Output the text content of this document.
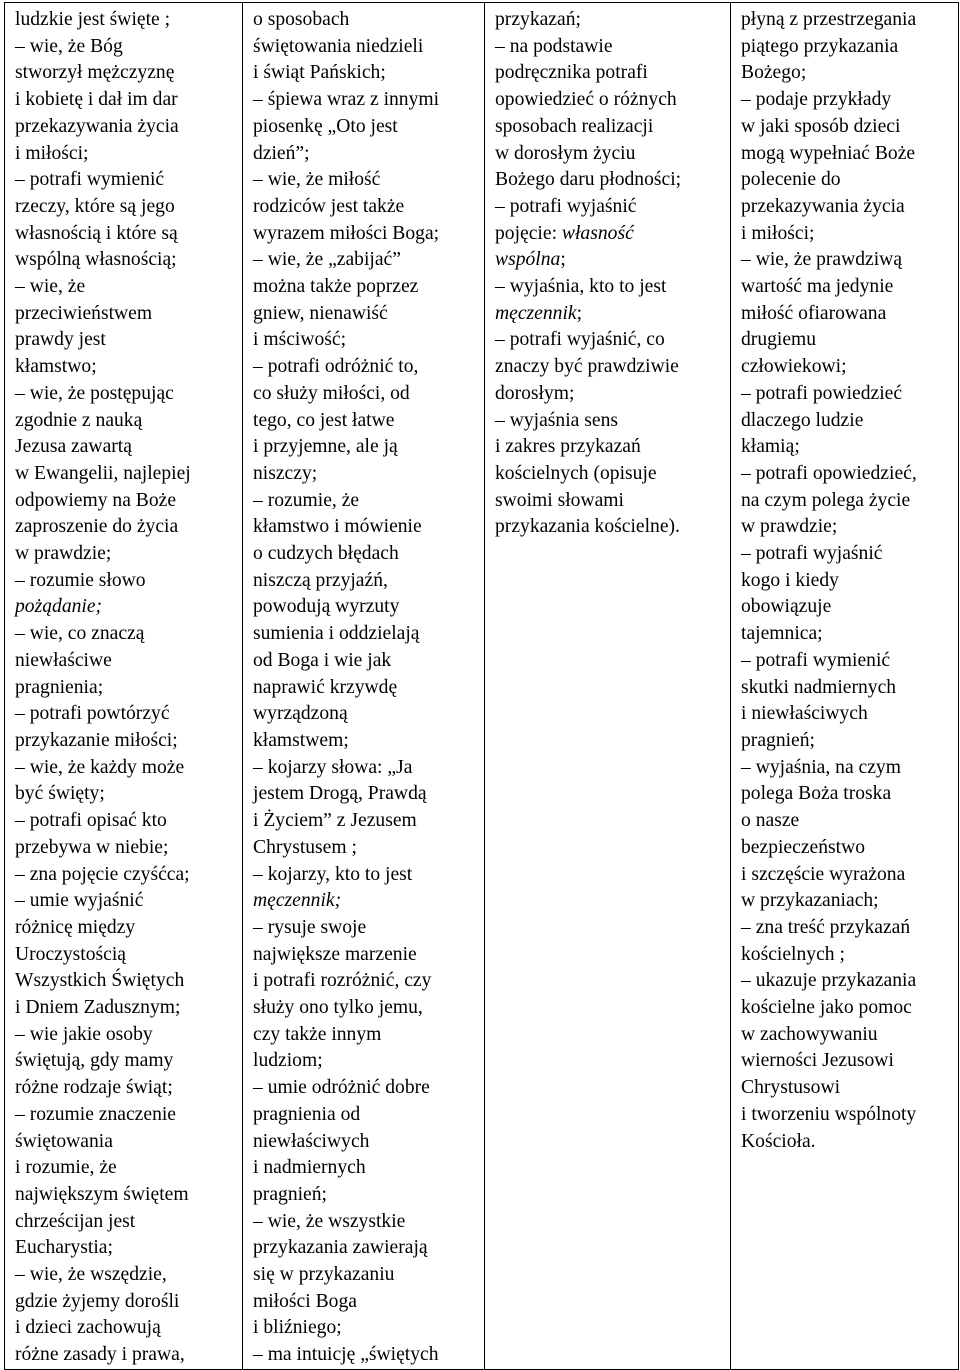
ludzkie jest święte ;
– wie, że Bóg
stworzył mężczyznę
i kobietę i dał im dar
przekazywania życia
i miłości;
– potrafi wymienić
rzeczy, które są jego
własnością i które są
wspólną własnością;
– wie, że
przeciwieństwem
prawdy jest
kłamstwo;
– wie, że postępując
zgodnie z nauką
Jezusa zawartą
w Ewangelii, najlepiej
odpowiemy na Boże
zaproszenie do życia
w prawdzie;
– rozumie słowo
pożądanie;
– wie, co znaczą
niewłaściwe
pragnienia;
– potrafi powtórzyć
przykazanie miłości;
– wie, że każdy może
być święty;
– potrafi opisać kto
przebywa w niebie;
– zna pojęcie czyśćca;
– umie wyjaśnić
różnicę między
Uroczystością
Wszystkich Świętych
i Dniem Zadusznym;
– wie jakie osoby
świętują, gdy mamy
różne rodzaje świąt;
– rozumie znaczenie
świętowania
i rozumie, że
największym świętem
chrześcijan jest
Eucharystia;
– wie, że wszędzie,
gdzie żyjemy dorośli
i dzieci zachowują
różne zasady i prawa,

o sposobach
świętowania niedzieli
i świąt Pańskich;
– śpiewa wraz z innymi
piosenkę „Oto jest
dzień”;
– wie, że miłość
rodziców jest także
wyrazem miłości Boga;
– wie, że „zabijać”
można także poprzez
gniew, nienawiść
i mściwość;
– potrafi odróżnić to,
co służy miłości, od
tego, co jest łatwe
i przyjemne, ale ją
niszczy;
– rozumie, że
kłamstwo i mówienie
o cudzych błędach
niszczą przyjaźń,
powodują wyrzuty
sumienia i oddzielają
od Boga i wie jak
naprawić krzywdę
wyrządzoną
kłamstwem;
– kojarzy słowa: „Ja
jestem Drogą, Prawdą
i Życiem” z Jezusem
Chrystusem ;
– kojarzy, kto to jest
męczennik;
– rysuje swoje
największe marzenie
i potrafi rozróżnić, czy
służy ono tylko jemu,
czy także innym
ludziom;
– umie odróżnić dobre
pragnienia od
niewłaściwych
i nadmiernych
pragnień;
– wie, że wszystkie
przykazania zawierają
się w przykazaniu
miłości Boga
i bliźniego;
– ma intuicję „świętych

przykazań;
– na podstawie
podręcznika potrafi
opowiedzieć o różnych
sposobach realizacji
w dorosłym życiu
Bożego daru płodności;
– potrafi wyjaśnić
pojęcie: własność
wspólna;
– wyjaśnia, kto to jest
męczennik;
– potrafi wyjaśnić, co
znaczy być prawdziwie
dorosłym;
– wyjaśnia sens
i zakres przykazań
kościelnych (opisuje
swoimi słowami
przykazania kościelne).

płyną z przestrzegania
piątego przykazania
Bożego;
– podaje przykłady
w jaki sposób dzieci
mogą wypełniać Boże
polecenie do
przekazywania życia
i miłości;
– wie, że prawdziwą
wartość ma jedynie
miłość ofiarowana
drugiemu
człowiekowi;
– potrafi powiedzieć
dlaczego ludzie
kłamią;
– potrafi opowiedzieć,
na czym polega życie
w prawdzie;
– potrafi wyjaśnić
kogo i kiedy
obowiązuje
tajemnica;
– potrafi wymienić
skutki nadmiernych
i niewłaściwych
pragnień;
– wyjaśnia, na czym
polega Boża troska
o nasze
bezpieczeństwo
i szczęście wyrażona
w przykazaniach;
– zna treść przykazań
kościelnych ;
– ukazuje przykazania
kościelne jako pomoc
w zachowywaniu
wierności Jezusowi
Chrystusowi
i tworzeniu wspólnoty
Kościoła.
